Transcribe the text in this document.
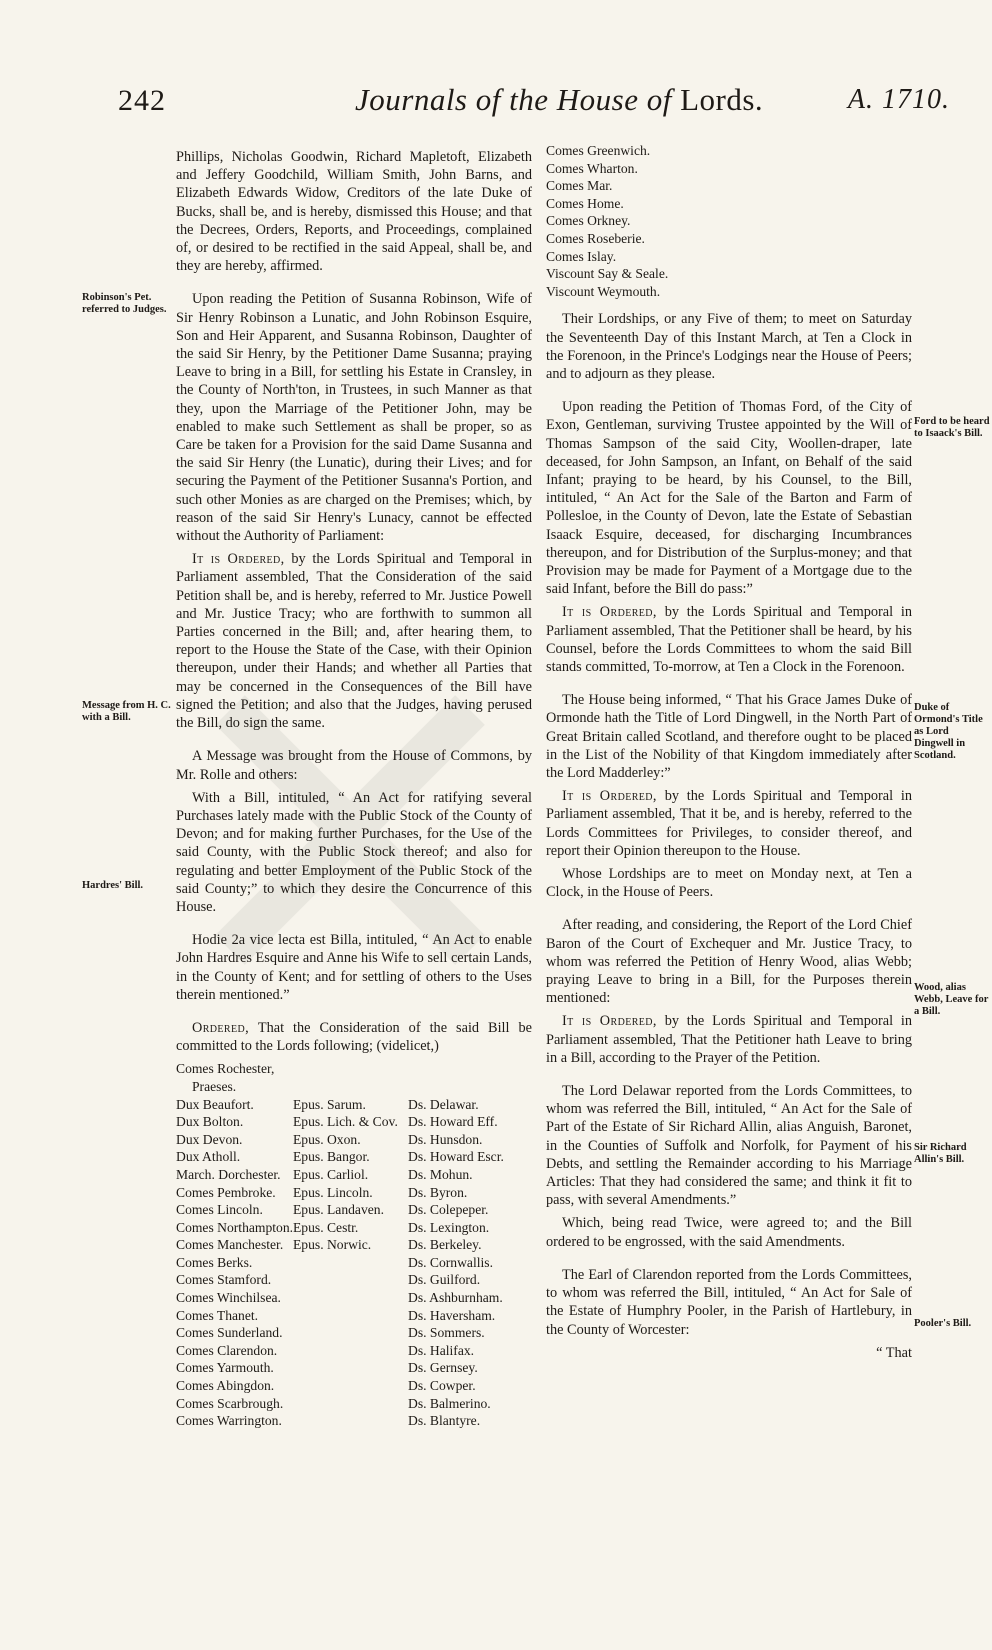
242	Journals of the House of Lords.	A. 1710.
Robinson's Pet. referred to Judges.
Message from H. C. with a Bill.
Hardres' Bill.
Ford to be heard to Isaack's Bill.
Duke of Ormond's Title as Lord Dingwell in Scotland.
Wood, alias Webb, Leave for a Bill.
Sir Richard Allin's Bill.
Pooler's Bill.

Phillips, Nicholas Goodwin, Richard Mapletoft, Elizabeth and Jeffery Goodchild, William Smith, John Barns, and Elizabeth Edwards Widow, Creditors of the late Duke of Bucks, shall be, and is hereby, dismissed this House; and that the Decrees, Orders, Reports, and Proceedings, complained of, or desired to be rectified in the said Appeal, shall be, and they are hereby, affirmed.

Upon reading the Petition of Susanna Robinson, Wife of Sir Henry Robinson a Lunatic, and John Robinson Esquire, Son and Heir Apparent, and Susanna Robinson, Daughter of the said Sir Henry, by the Petitioner Dame Susanna; praying Leave to bring in a Bill, for settling his Estate in Cransley, in the County of North'ton, in Trustees, in such Manner as that they, upon the Marriage of the Petitioner John, may be enabled to make such Settlement as shall be proper, so as Care be taken for a Provision for the said Dame Susanna and the said Sir Henry (the Lunatic), during their Lives; and for securing the Payment of the Petitioner Susanna's Portion, and such other Monies as are charged on the Premises; which, by reason of the said Sir Henry's Lunacy, cannot be effected without the Authority of Parliament:

It is Ordered, by the Lords Spiritual and Temporal in Parliament assembled, That the Consideration of the said Petition shall be, and is hereby, referred to Mr. Justice Powell and Mr. Justice Tracy; who are forthwith to summon all Parties concerned in the Bill; and, after hearing them, to report to the House the State of the Case, with their Opinion thereupon, under their Hands; and whether all Parties that may be concerned in the Consequences of the Bill have signed the Petition; and also that the Judges, having perused the Bill, do sign the same.

A Message was brought from the House of Commons, by Mr. Rolle and others:

With a Bill, intituled, “ An Act for ratifying several Purchases lately made with the Public Stock of the County of Devon; and for making further Purchases, for the Use of the said County, with the Public Stock thereof; and also for regulating and better Employment of the Public Stock of the said County;” to which they desire the Concurrence of this House.

Hodie 2a vice lecta est Billa, intituled, “ An Act to enable John Hardres Esquire and Anne his Wife to sell certain Lands, in the County of Kent; and for settling of others to the Uses therein mentioned.”

Ordered, That the Consideration of the said Bill be committed to the Lords following; (videlicet,)

Comes Rochester,
Praeses.
Dux Beaufort.
Dux Bolton.
Dux Devon.
Dux Atholl.
March. Dorchester.
Comes Pembroke.
Comes Lincoln.
Comes Northampton.
Comes Manchester.
Comes Berks.
Comes Stamford.
Comes Winchilsea.
Comes Thanet.
Comes Sunderland.
Comes Clarendon.
Comes Yarmouth.
Comes Abingdon.
Comes Scarbrough.
Comes Warrington.
Epus. Sarum.
Epus. Lich. & Cov.
Epus. Oxon.
Epus. Bangor.
Epus. Carliol.
Epus. Lincoln.
Epus. Landaven.
Epus. Cestr.
Epus. Norwic.
Ds. Delawar.
Ds. Howard Eff.
Ds. Hunsdon.
Ds. Howard Escr.
Ds. Mohun.
Ds. Byron.
Ds. Colepeper.
Ds. Lexington.
Ds. Berkeley.
Ds. Cornwallis.
Ds. Guilford.
Ds. Ashburnham.
Ds. Haversham.
Ds. Sommers.
Ds. Halifax.
Ds. Gernsey.
Ds. Cowper.
Ds. Balmerino.
Ds. Blantyre.
Comes Greenwich.
Comes Wharton.
Comes Mar.
Comes Home.
Comes Orkney.
Comes Roseberie.
Comes Islay.
Viscount Say & Seale.
Viscount Weymouth.

Their Lordships, or any Five of them; to meet on Saturday the Seventeenth Day of this Instant March, at Ten a Clock in the Forenoon, in the Prince's Lodgings near the House of Peers; and to adjourn as they please.

Upon reading the Petition of Thomas Ford, of the City of Exon, Gentleman, surviving Trustee appointed by the Will of Thomas Sampson of the said City, Woollen-draper, late deceased, for John Sampson, an Infant, on Behalf of the said Infant; praying to be heard, by his Counsel, to the Bill, intituled, “ An Act for the Sale of the Barton and Farm of Pollesloe, in the County of Devon, late the Estate of Sebastian Isaack Esquire, deceased, for discharging Incumbrances thereupon, and for Distribution of the Surplus-money; and that Provision may be made for Payment of a Mortgage due to the said Infant, before the Bill do pass:”

It is Ordered, by the Lords Spiritual and Temporal in Parliament assembled, That the Petitioner shall be heard, by his Counsel, before the Lords Committees to whom the said Bill stands committed, To-morrow, at Ten a Clock in the Forenoon.

The House being informed, “ That his Grace James Duke of Ormonde hath the Title of Lord Dingwell, in the North Part of Great Britain called Scotland, and therefore ought to be placed in the List of the Nobility of that Kingdom immediately after the Lord Madderley:”

It is Ordered, by the Lords Spiritual and Temporal in Parliament assembled, That it be, and is hereby, referred to the Lords Committees for Privileges, to consider thereof, and report their Opinion thereupon to the House.

Whose Lordships are to meet on Monday next, at Ten a Clock, in the House of Peers.

After reading, and considering, the Report of the Lord Chief Baron of the Court of Exchequer and Mr. Justice Tracy, to whom was referred the Petition of Henry Wood, alias Webb; praying Leave to bring in a Bill, for the Purposes therein mentioned:

It is Ordered, by the Lords Spiritual and Temporal in Parliament assembled, That the Petitioner hath Leave to bring in a Bill, according to the Prayer of the Petition.

The Lord Delawar reported from the Lords Committees, to whom was referred the Bill, intituled, “ An Act for the Sale of Part of the Estate of Sir Richard Allin, alias Anguish, Baronet, in the Counties of Suffolk and Norfolk, for Payment of his Debts, and settling the Remainder according to his Marriage Articles: That they had considered the same; and think it fit to pass, with several Amendments.”

Which, being read Twice, were agreed to; and the Bill ordered to be engrossed, with the said Amendments.

The Earl of Clarendon reported from the Lords Committees, to whom was referred the Bill, intituled, “ An Act for Sale of the Estate of Humphry Pooler, in the Parish of Hartlebury, in the County of Worcester:

“ That
